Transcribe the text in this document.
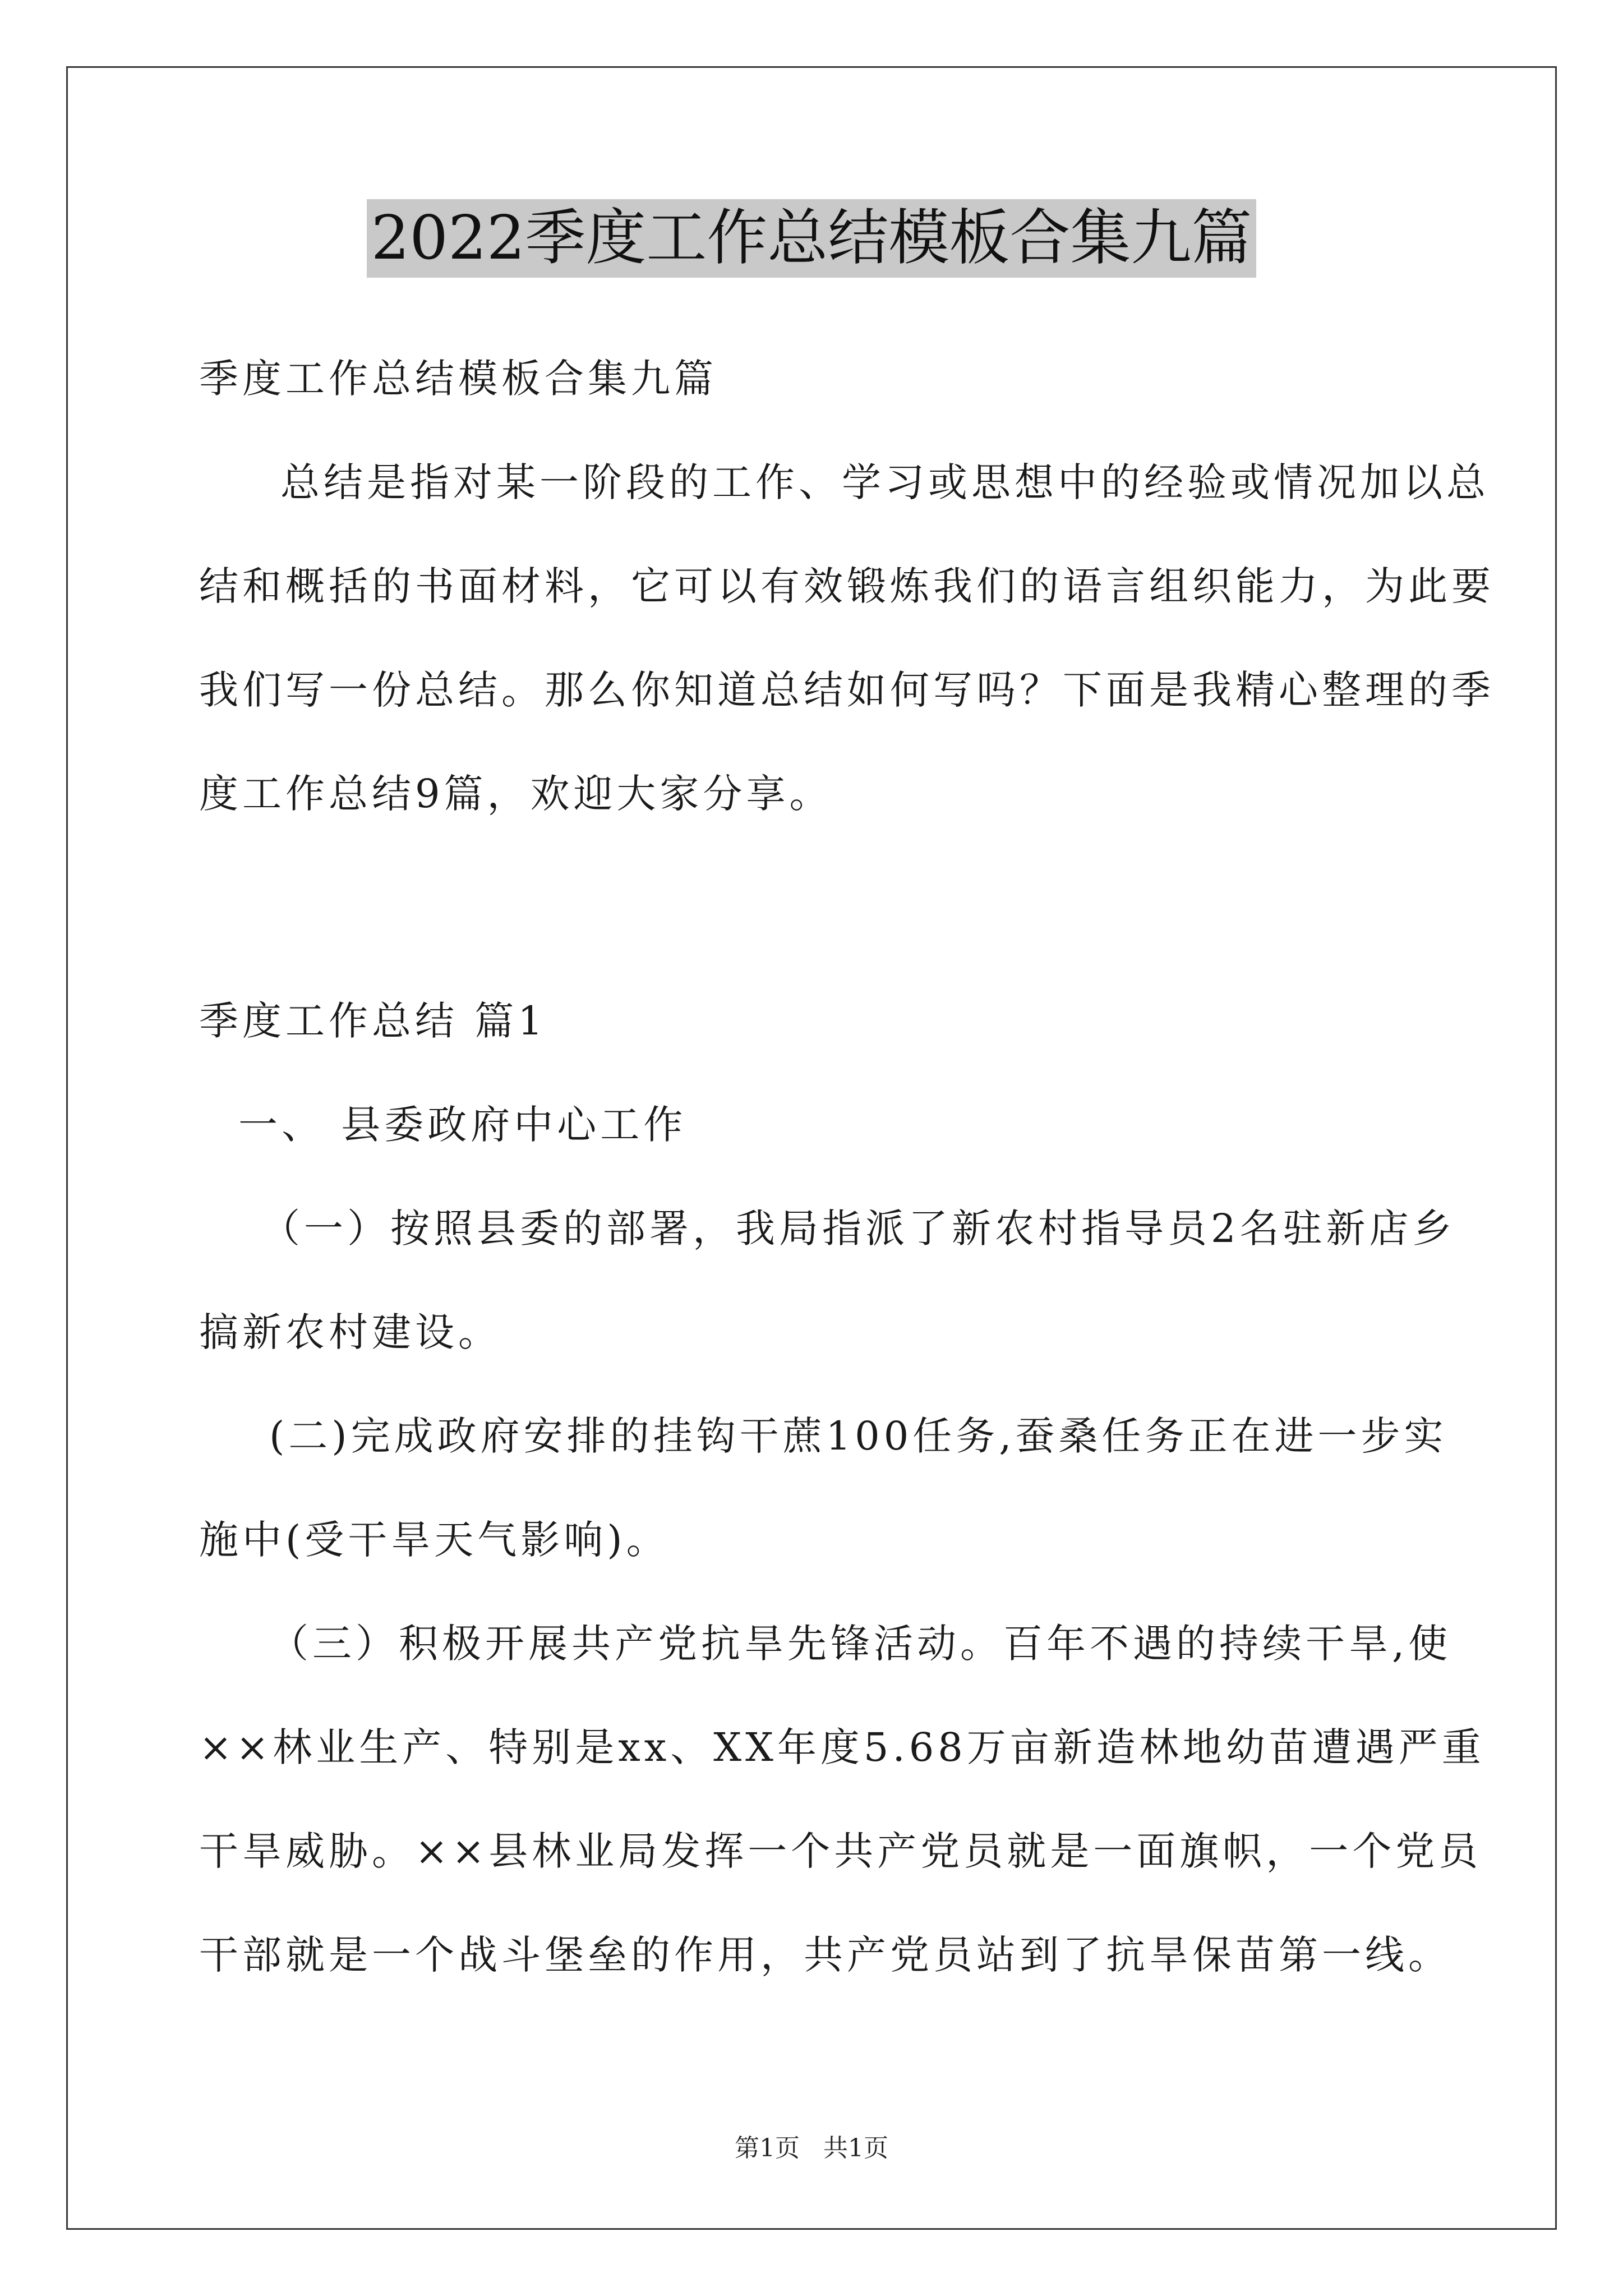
2022季度工作总结模板合集九篇
季度工作总结模板合集九篇
总结是指对某一阶段的工作、学习或思想中的经验或情况加以总
结和概括的书面材料，它可以有效锻炼我们的语言组织能力，为此要
我们写一份总结。那么你知道总结如何写吗？下面是我精心整理的季
度工作总结9篇，欢迎大家分享。
季度工作总结 篇1
一、 县委政府中心工作
（一）按照县委的部署，我局指派了新农村指导员2名驻新店乡
搞新农村建设。
(二)完成政府安排的挂钩干蔗100任务,蚕桑任务正在进一步实
施中(受干旱天气影响)。
（三）积极开展共产党抗旱先锋活动。百年不遇的持续干旱,使
××林业生产、特别是xx、XX年度5.68万亩新造林地幼苗遭遇严重
干旱威胁。××县林业局发挥一个共产党员就是一面旗帜，一个党员
干部就是一个战斗堡垒的作用，共产党员站到了抗旱保苗第一线。
第1页 共1页
